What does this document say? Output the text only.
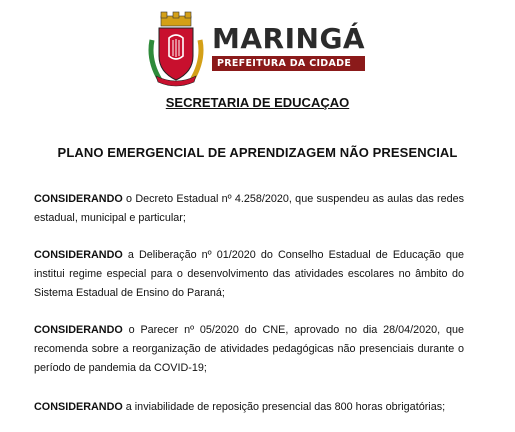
MARINGÁ
PREFEITURA DA CIDADE
SECRETARIA DE EDUCAÇAO
PLANO EMERGENCIAL DE APRENDIZAGEM NÃO PRESENCIAL

CONSIDERANDO o Decreto Estadual nº 4.258/2020, que suspendeu as aulas das redes estadual, municipal e particular;

CONSIDERANDO a Deliberação nº 01/2020 do Conselho Estadual de Educação que institui regime especial para o desenvolvimento das atividades escolares no âmbito do Sistema Estadual de Ensino do Paraná;

CONSIDERANDO o Parecer nº 05/2020 do CNE, aprovado no dia 28/04/2020, que recomenda sobre a reorganização de atividades pedagógicas não presenciais durante o período de pandemia da COVID-19;

CONSIDERANDO a inviabilidade de reposição presencial das 800 horas obrigatórias;
